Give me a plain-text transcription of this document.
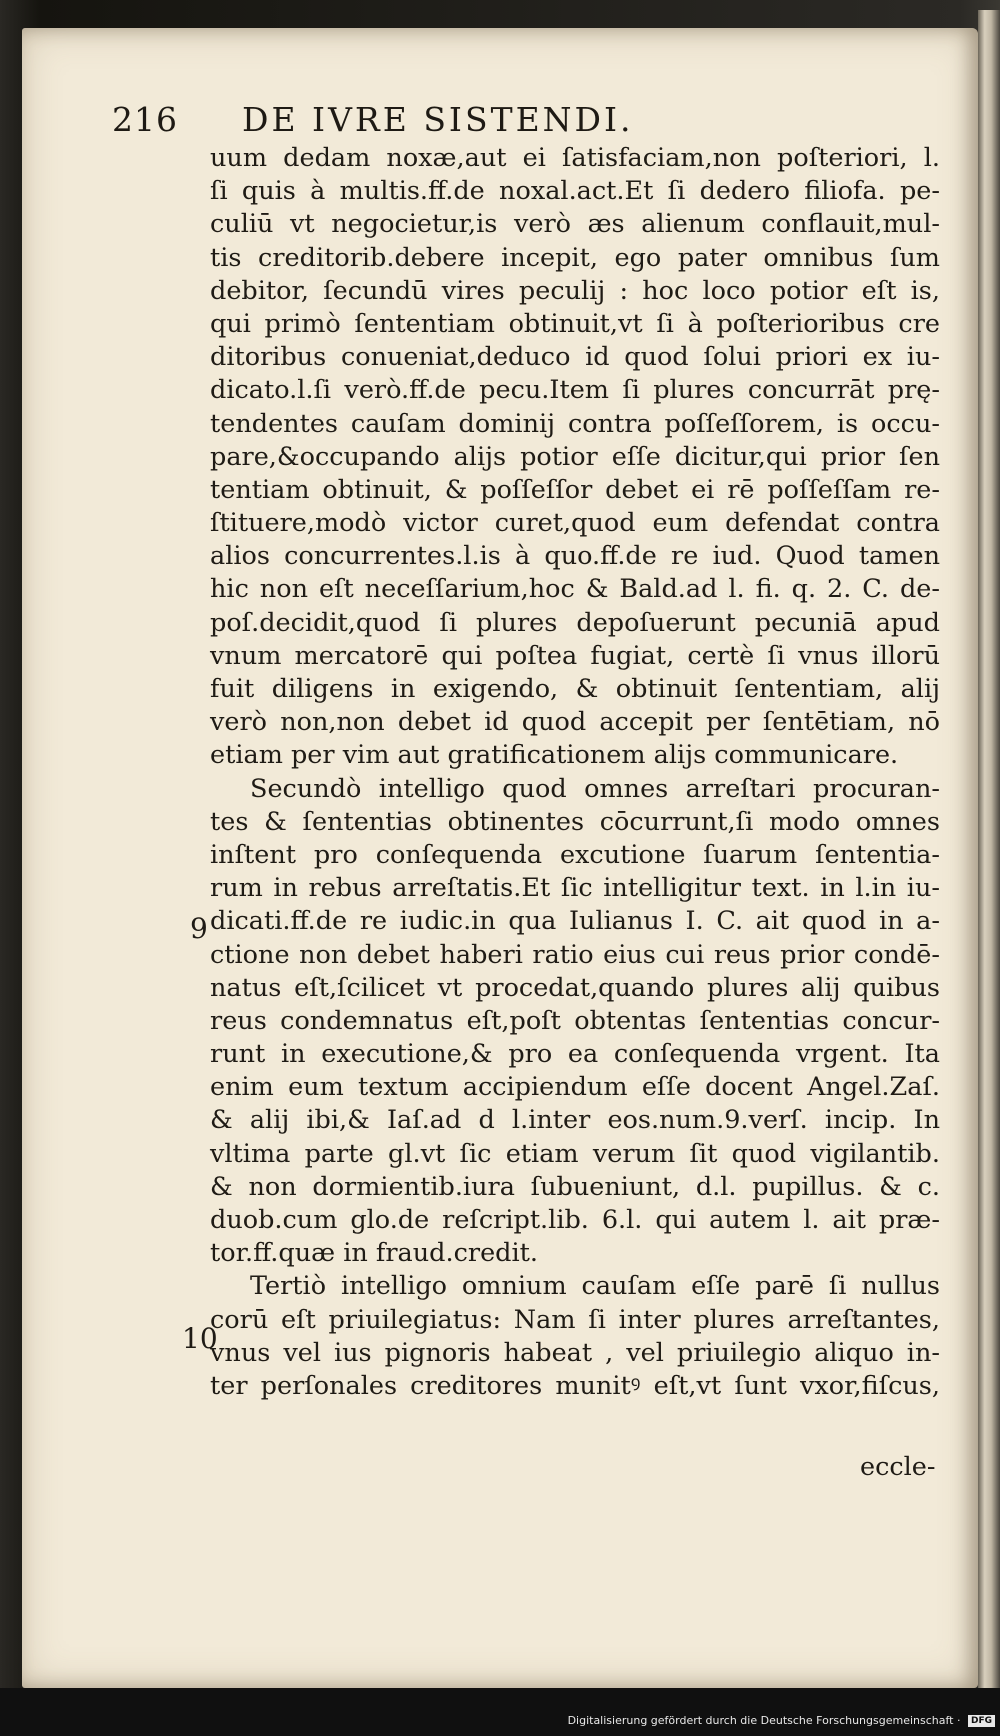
216 DE IVRE SISTENDI.
uum dedam noxæ,aut ei ſatisfaciam,non poſteriori, l.
ſi quis à multis.ff.de noxal.act.Et ſi dedero filiofa. pe-
culiū vt negocietur,is verò æs alienum conflauit,mul-
tis creditorib.debere incepit, ego pater omnibus ſum
debitor, ſecundū vires peculij : hoc loco potior eſt is,
qui primò ſententiam obtinuit,vt ſi à poſterioribus cre
ditoribus conueniat,deduco id quod ſolui priori ex iu-
dicato.l.ſi verò.ff.de pecu.Item ſi plures concurrāt prę-
tendentes cauſam dominij contra poſſeſſorem, is occu-
pare,&occupando alijs potior eſſe dicitur,qui prior ſen
tentiam obtinuit, & poſſeſſor debet ei rē poſſeſſam re-
ſtituere,modò victor curet,quod eum defendat contra
alios concurrentes.l.is à quo.ff.de re iud. Quod tamen
hic non eſt neceſſarium,hoc & Bald.ad l. fi. q. 2. C. de-
poſ.decidit,quod ſi plures depoſuerunt pecuniā apud
vnum mercatorē qui poſtea fugiat, certè ſi vnus illorū
fuit diligens in exigendo, & obtinuit ſententiam, alij
verò non,non debet id quod accepit per ſentētiam, nō
etiam per vim aut gratificationem alijs communicare.
Secundò intelligo quod omnes arreſtari procuran-
tes & ſententias obtinentes cōcurrunt,ſi modo omnes
inſtent pro conſequenda excutione ſuarum ſententia-
rum in rebus arreſtatis.Et ſic intelligitur text. in l.in iu-
dicati.ff.de re iudic.in qua Iulianus I. C. ait quod in a-
ctione non debet haberi ratio eius cui reus prior condē-
natus eſt,ſcilicet vt procedat,quando plures alij quibus
reus condemnatus eſt,poſt obtentas ſententias concur-
runt in executione,& pro ea conſequenda vrgent. Ita
enim eum textum accipiendum eſſe docent Angel.Zaſ.
& alij ibi,& Iaſ.ad d l.inter eos.num.9.verſ. incip. In
vltima parte gl.vt ſic etiam verum ſit quod vigilantib.
& non dormientib.iura ſubueniunt, d.l. pupillus. & c.
duob.cum glo.de reſcript.lib. 6.l. qui autem l. ait præ-
tor.ff.quæ in fraud.credit.
Tertiò intelligo omnium cauſam eſſe parē ſi nullus
corū eſt priuilegiatus: Nam ſi inter plures arreſtantes,
vnus vel ius pignoris habeat , vel priuilegio aliquo in-
ter perſonales creditores munitꝰ eſt,vt ſunt vxor,fiſcus,
9
10
eccle-
Digitalisierung gefördert durch die Deutsche Forschungsgemeinschaft · DFG
